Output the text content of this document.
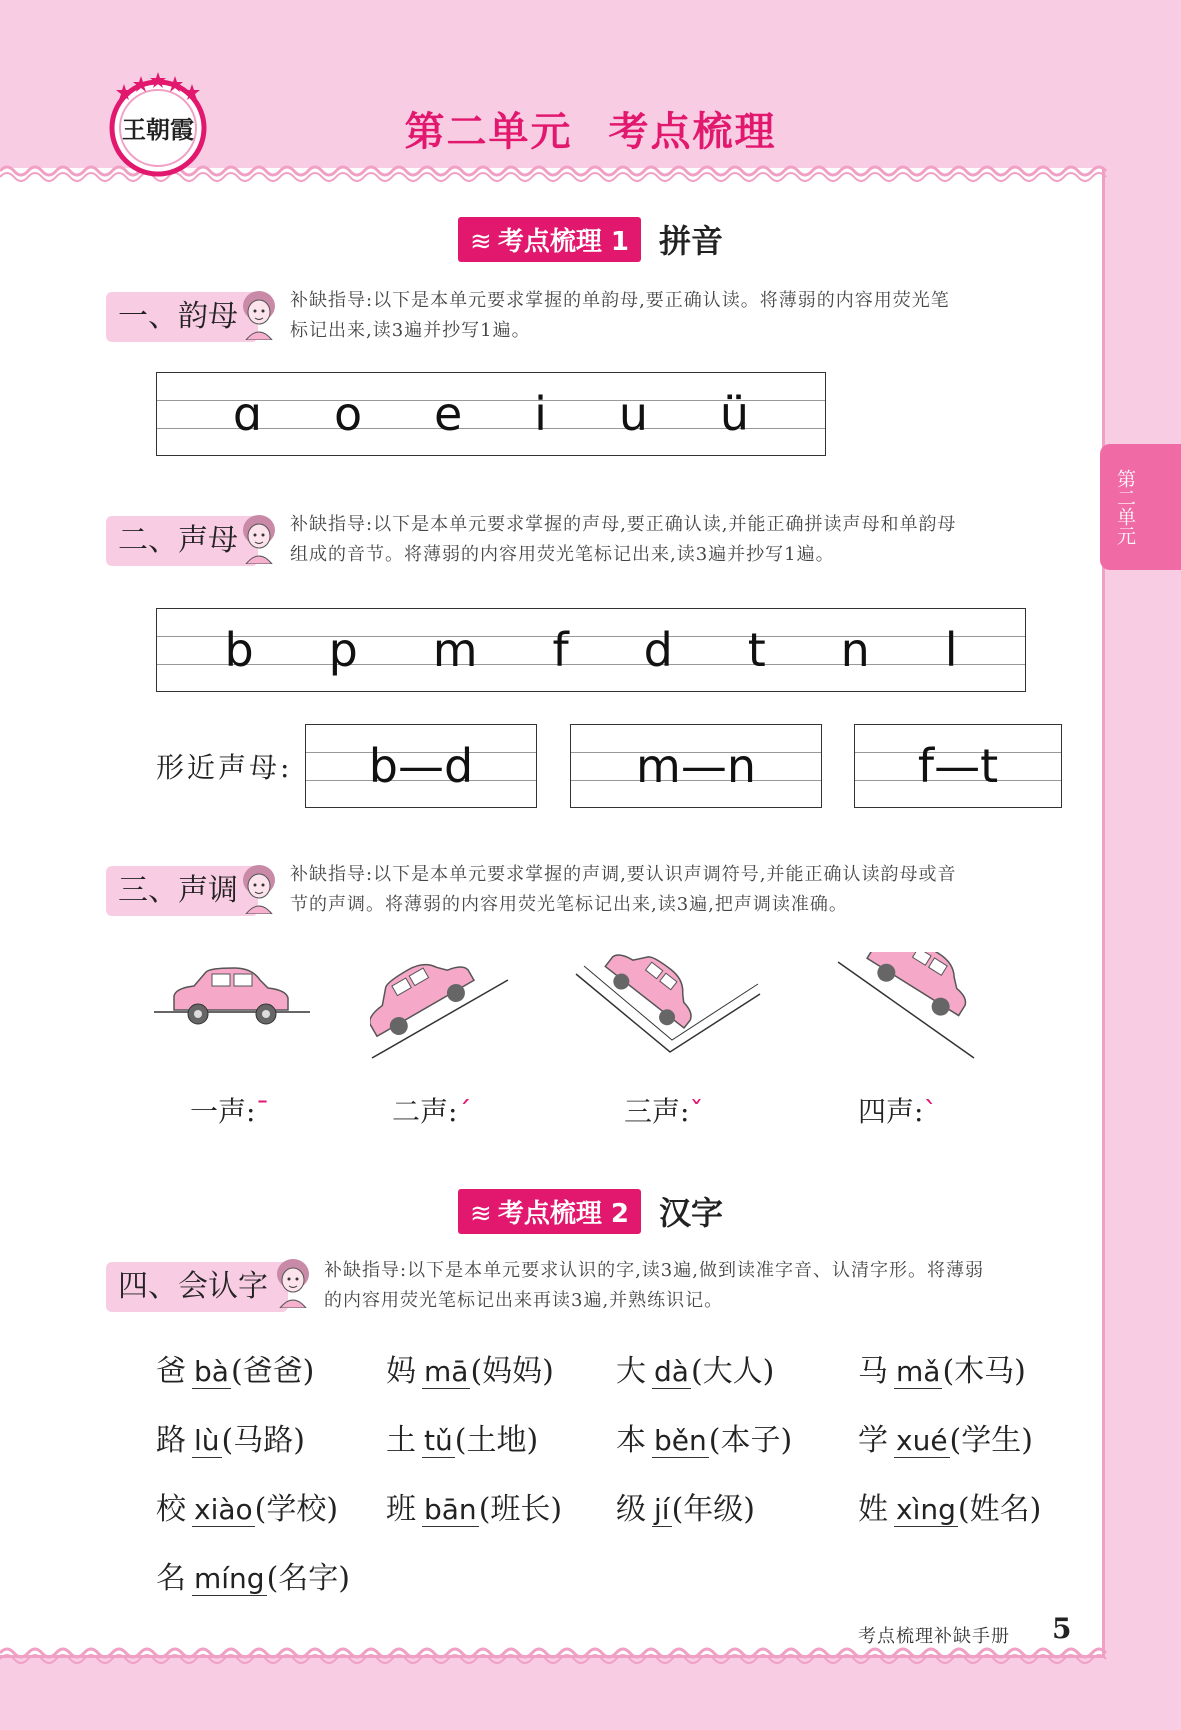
王朝霞	第二单元 考点梳理
第二单元
≋ 考点梳理 1 拼音
一、韵母	补缺指导:以下是本单元要求掌握的单韵母,要正确认读。将薄弱的内容用荧光笔
标记出来,读3遍并抄写1遍。
ɑ o e i u ü
二、声母	补缺指导:以下是本单元要求掌握的声母,要正确认读,并能正确拼读声母和单韵母
组成的音节。将薄弱的内容用荧光笔标记出来,读3遍并抄写1遍。
b p m f d t n l
形近声母: b—d	m—n	f—t
三、声调	补缺指导:以下是本单元要求掌握的声调,要认识声调符号,并能正确认读韵母或音
节的声调。将薄弱的内容用荧光笔标记出来,读3遍,把声调读准确。
一声:ˉ	二声:ˊ	三声:ˇ	四声:ˋ
≋ 考点梳理 2 汉字
四、会认字	补缺指导:以下是本单元要求认识的字,读3遍,做到读准字音、认清字形。将薄弱
的内容用荧光笔标记出来再读3遍,并熟练识记。
爸 bà(爸爸) 妈 mā(妈妈) 大 dà(大人)	马 mǎ(木马)
路 lù(马路)	土 tǔ(土地)	本 běn(本子) 学 xué(学生)
校 xiào(学校) 班 bān(班长) 级 jí(年级)	姓 xìng(姓名)
名 míng(名字)
考点梳理补缺手册 5
